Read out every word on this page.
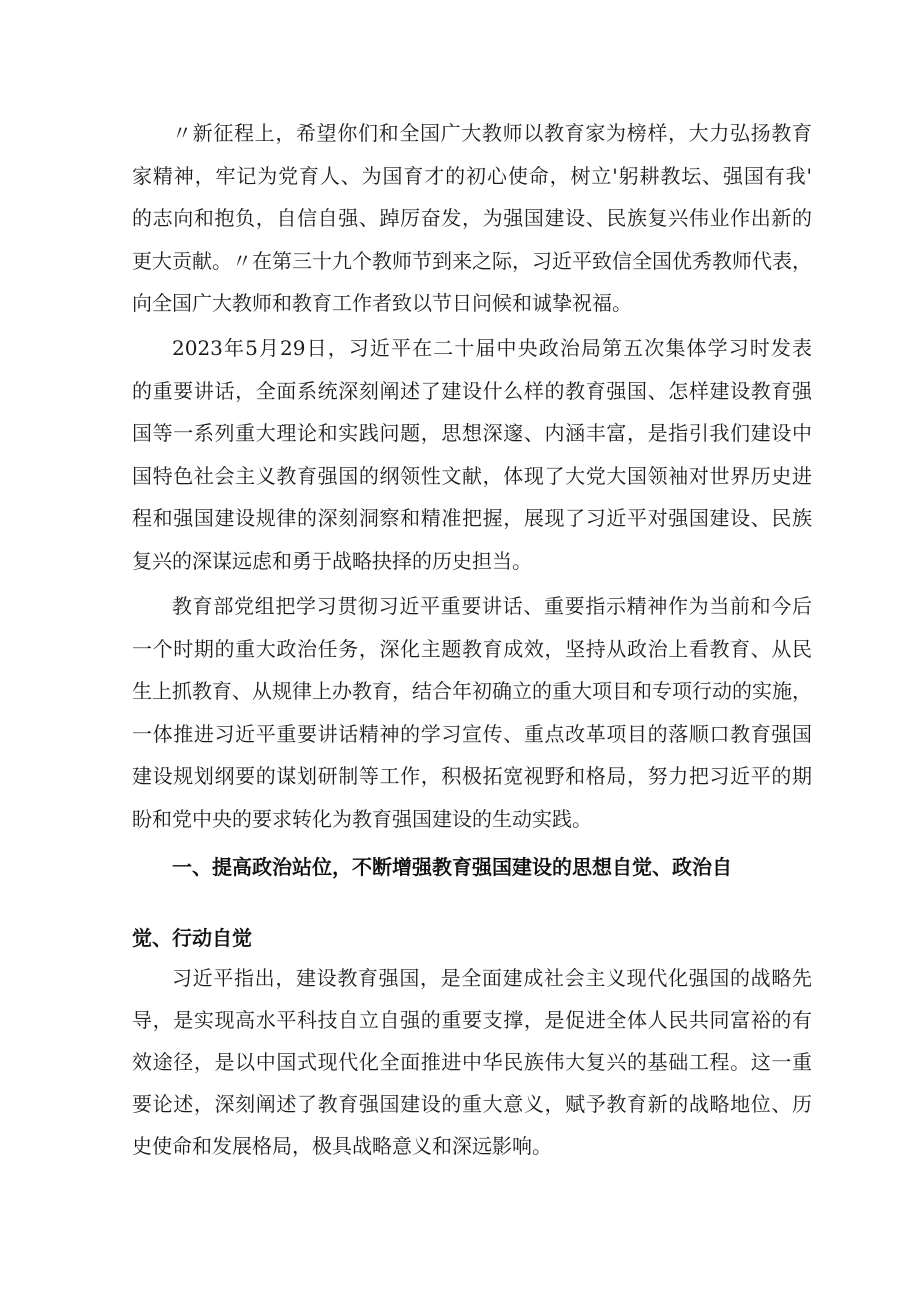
〃新征程上，希望你们和全国广大教师以教育家为榜样，大力弘扬教育
家精神，牢记为党育人、为国育才的初心使命，树立'躬耕教坛、强国有我'
的志向和抱负，自信自强、踔厉奋发，为强国建设、民族复兴伟业作出新的
更大贡献。〃在第三十九个教师节到来之际，习近平致信全国优秀教师代表，
向全国广大教师和教育工作者致以节日问候和诚挚祝福。
2023年5月29日，习近平在二十届中央政治局第五次集体学习时发表
的重要讲话，全面系统深刻阐述了建设什么样的教育强国、怎样建设教育强
国等一系列重大理论和实践问题，思想深邃、内涵丰富，是指引我们建设中
国特色社会主义教育强国的纲领性文献，体现了大党大国领袖对世界历史进
程和强国建设规律的深刻洞察和精准把握，展现了习近平对强国建设、民族
复兴的深谋远虑和勇于战略抉择的历史担当。
教育部党组把学习贯彻习近平重要讲话、重要指示精神作为当前和今后
一个时期的重大政治任务，深化主题教育成效，坚持从政治上看教育、从民
生上抓教育、从规律上办教育，结合年初确立的重大项目和专项行动的实施，
一体推进习近平重要讲话精神的学习宣传、重点改革项目的落顺口教育强国
建设规划纲要的谋划研制等工作，积极拓宽视野和格局，努力把习近平的期
盼和党中央的要求转化为教育强国建设的生动实践。
一、提高政治站位，不断增强教育强国建设的思想自觉、政治自
觉、行动自觉
习近平指出，建设教育强国，是全面建成社会主义现代化强国的战略先
导，是实现高水平科技自立自强的重要支撑，是促进全体人民共同富裕的有
效途径，是以中国式现代化全面推进中华民族伟大复兴的基础工程。这一重
要论述，深刻阐述了教育强国建设的重大意义，赋予教育新的战略地位、历
史使命和发展格局，极具战略意义和深远影响。
